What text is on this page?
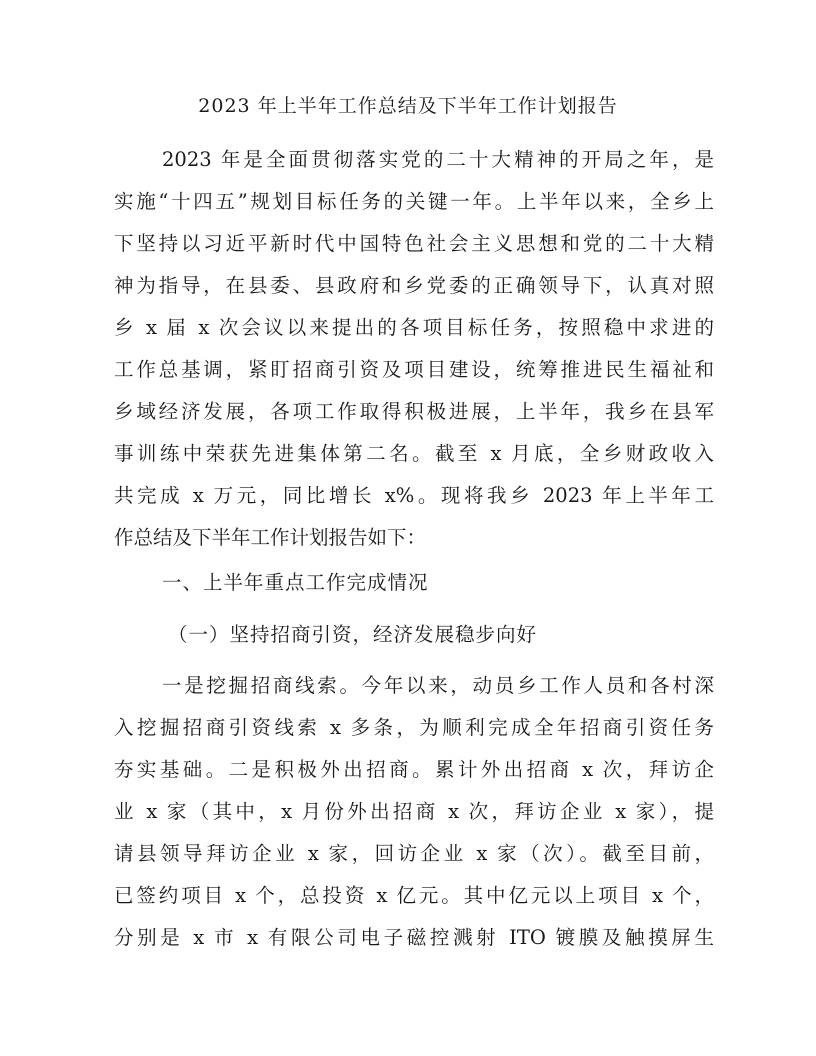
2023 年上半年工作总结及下半年工作计划报告
2023 年是全面贯彻落实党的二十大精神的开局之年，是
实施“十四五”规划目标任务的关键一年。上半年以来，全乡上
下坚持以习近平新时代中国特色社会主义思想和党的二十大精
神为指导，在县委、县政府和乡党委的正确领导下，认真对照
乡 x 届 x 次会议以来提出的各项目标任务，按照稳中求进的
工作总基调，紧盯招商引资及项目建设，统筹推进民生福祉和
乡域经济发展，各项工作取得积极进展，上半年，我乡在县军
事训练中荣获先进集体第二名。截至 x 月底，全乡财政收入
共完成 x 万元，同比增长 x%。现将我乡 2023 年上半年工
作总结及下半年工作计划报告如下：
一、上半年重点工作完成情况
（一）坚持招商引资，经济发展稳步向好
一是挖掘招商线索。今年以来，动员乡工作人员和各村深
入挖掘招商引资线索 x 多条，为顺利完成全年招商引资任务
夯实基础。二是积极外出招商。累计外出招商 x 次，拜访企
业 x 家（其中，x 月份外出招商 x 次，拜访企业 x 家），提
请县领导拜访企业 x 家，回访企业 x 家（次）。截至目前，
已签约项目 x 个，总投资 x 亿元。其中亿元以上项目 x 个，
分别是 x 市 x 有限公司电子磁控溅射 ITO 镀膜及触摸屏生
